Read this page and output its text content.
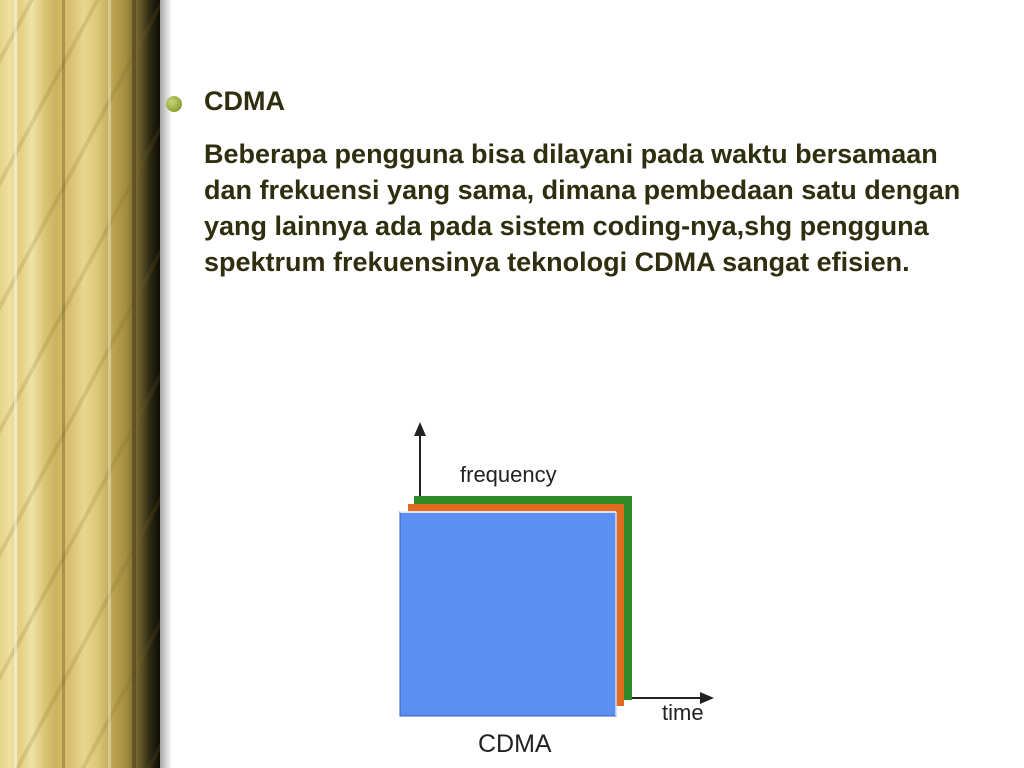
CDMA

Beberapa pengguna bisa dilayani pada waktu bersamaan dan frekuensi yang sama, dimana pembedaan satu dengan yang lainnya ada pada sistem coding-nya,shg pengguna spektrum frekuensinya teknologi CDMA sangat efisien.

frequency
time
CDMA
